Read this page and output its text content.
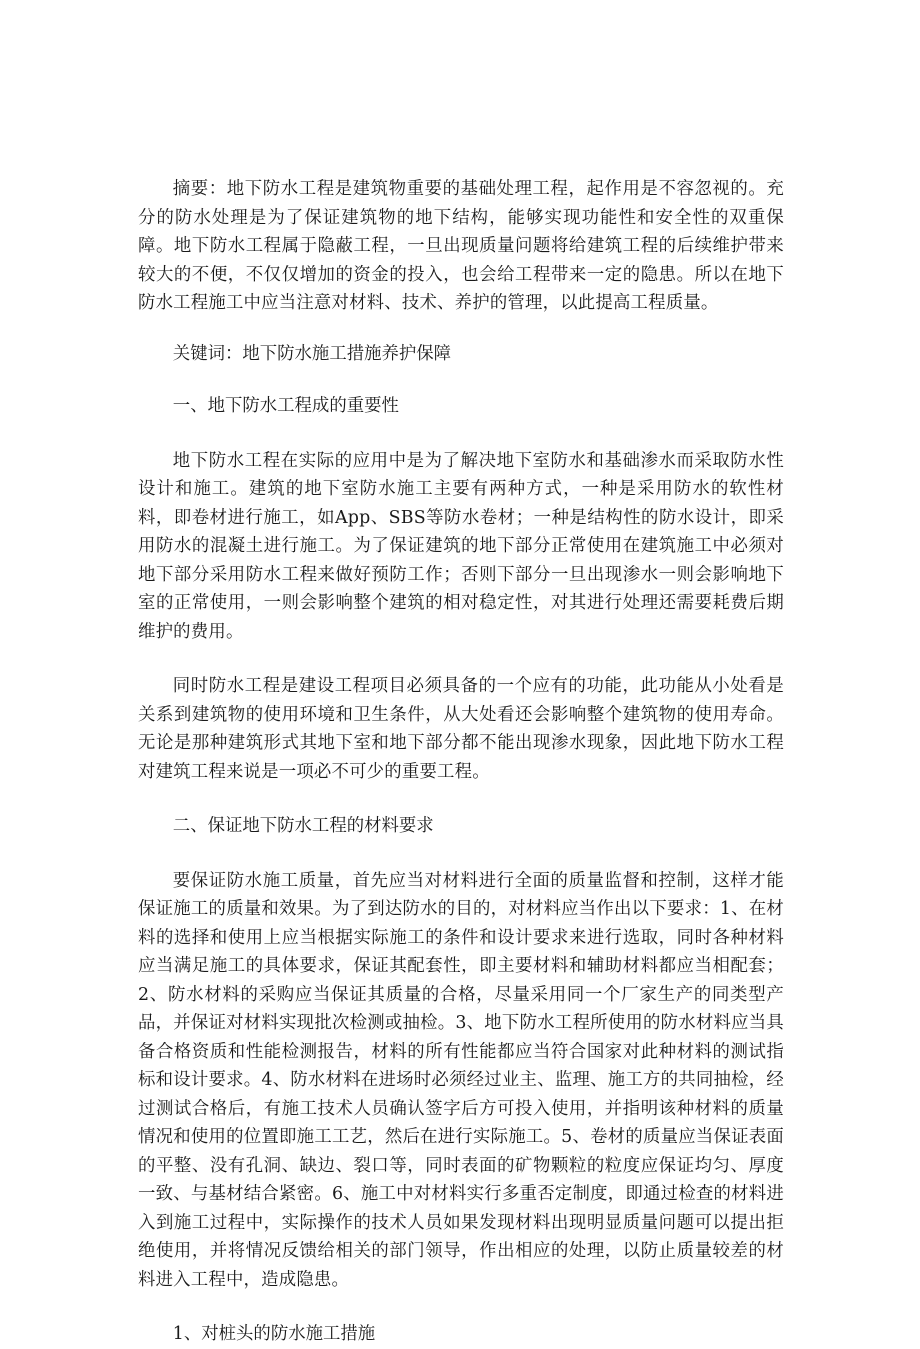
摘要：地下防水工程是建筑物重要的基础处理工程，起作用是不容忽视的。充分的防水处理是为了保证建筑物的地下结构，能够实现功能性和安全性的双重保障。地下防水工程属于隐蔽工程，一旦出现质量问题将给建筑工程的后续维护带来较大的不便，不仅仅增加的资金的投入，也会给工程带来一定的隐患。所以在地下防水工程施工中应当注意对材料、技术、养护的管理，以此提高工程质量。

关键词：地下防水施工措施养护保障

一、地下防水工程成的重要性

地下防水工程在实际的应用中是为了解决地下室防水和基础渗水而采取防水性设计和施工。建筑的地下室防水施工主要有两种方式，一种是采用防水的软性材料，即卷材进行施工，如App、SBS等防水卷材；一种是结构性的防水设计，即采用防水的混凝土进行施工。为了保证建筑的地下部分正常使用在建筑施工中必须对地下部分采用防水工程来做好预防工作；否则下部分一旦出现渗水一则会影响地下室的正常使用，一则会影响整个建筑的相对稳定性，对其进行处理还需要耗费后期维护的费用。

同时防水工程是建设工程项目必须具备的一个应有的功能，此功能从小处看是关系到建筑物的使用环境和卫生条件，从大处看还会影响整个建筑物的使用寿命。无论是那种建筑形式其地下室和地下部分都不能出现渗水现象，因此地下防水工程对建筑工程来说是一项必不可少的重要工程。

二、保证地下防水工程的材料要求

要保证防水施工质量，首先应当对材料进行全面的质量监督和控制，这样才能保证施工的质量和效果。为了到达防水的目的，对材料应当作出以下要求：1、在材料的选择和使用上应当根据实际施工的条件和设计要求来进行选取，同时各种材料应当满足施工的具体要求，保证其配套性，即主要材料和辅助材料都应当相配套；2、防水材料的采购应当保证其质量的合格，尽量采用同一个厂家生产的同类型产品，并保证对材料实现批次检测或抽检。3、地下防水工程所使用的防水材料应当具备合格资质和性能检测报告，材料的所有性能都应当符合国家对此种材料的测试指标和设计要求。4、防水材料在进场时必须经过业主、监理、施工方的共同抽检，经过测试合格后，有施工技术人员确认签字后方可投入使用，并指明该种材料的质量情况和使用的位置即施工工艺，然后在进行实际施工。5、卷材的质量应当保证表面的平整、没有孔洞、缺边、裂口等，同时表面的矿物颗粒的粒度应保证均匀、厚度一致、与基材结合紧密。6、施工中对材料实行多重否定制度，即通过检查的材料进入到施工过程中，实际操作的技术人员如果发现材料出现明显质量问题可以提出拒绝使用，并将情况反馈给相关的部门领导，作出相应的处理，以防止质量较差的材料进入工程中，造成隐患。

1、对桩头的防水施工措施
